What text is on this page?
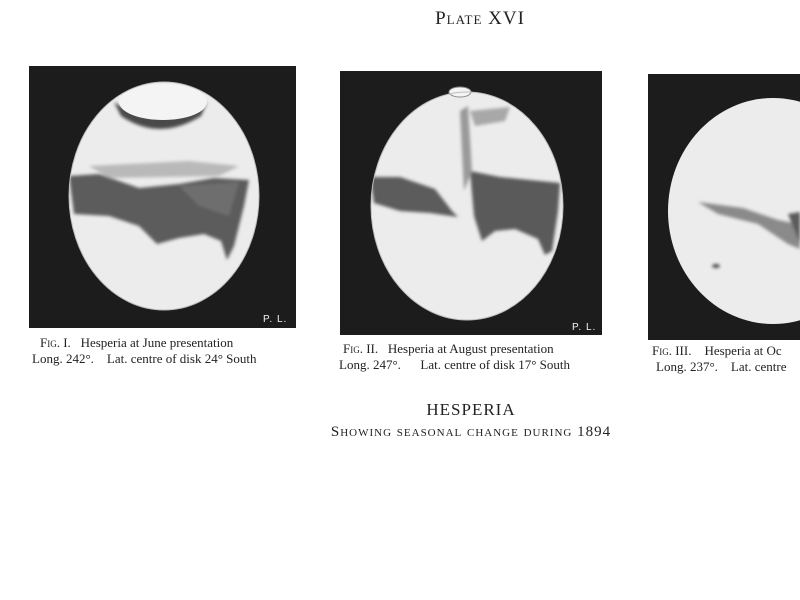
Plate XVI
P. L.
Fig. I. Hesperia at June presentation
Long. 242°. Lat. centre of disk 24° South
P. L.
Fig. II. Hesperia at August presentation
Long. 247°. Lat. centre of disk 17° South
Fig. III. Hesperia at Oc
Long. 237°. Lat. centre
HESPERIA
Showing seasonal change during 1894
